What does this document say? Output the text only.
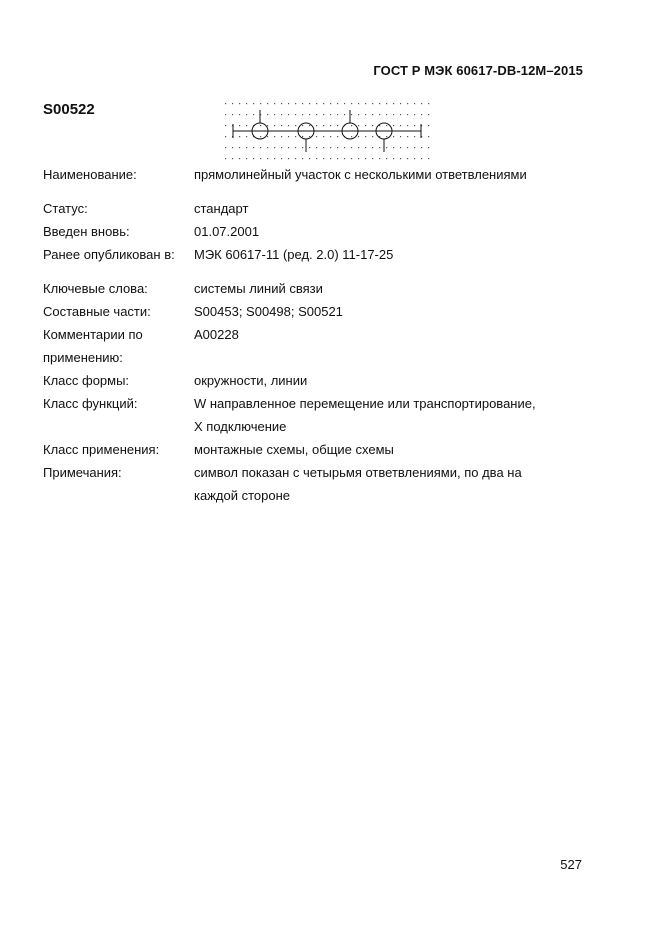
ГОСТ Р МЭК 60617-DB-12M–2015
S00522
Наименование:	прямолинейный участок с несколькими ответвлениями
Статус:	стандарт
Введен вновь:	01.07.2001
Ранее опубликован в:	МЭК 60617-11 (ред. 2.0) 11-17-25
Ключевые слова:	системы линий связи
Составные части:	S00453; S00498; S00521
Комментарии по	A00228
применению:
Класс формы:	окружности, линии
Класс функций:	W направленное перемещение или транспортирование,
X подключение
Класс применения:	монтажные схемы, общие схемы
Примечания:	символ показан с четырьмя ответвлениями, по два на
каждой стороне
527
